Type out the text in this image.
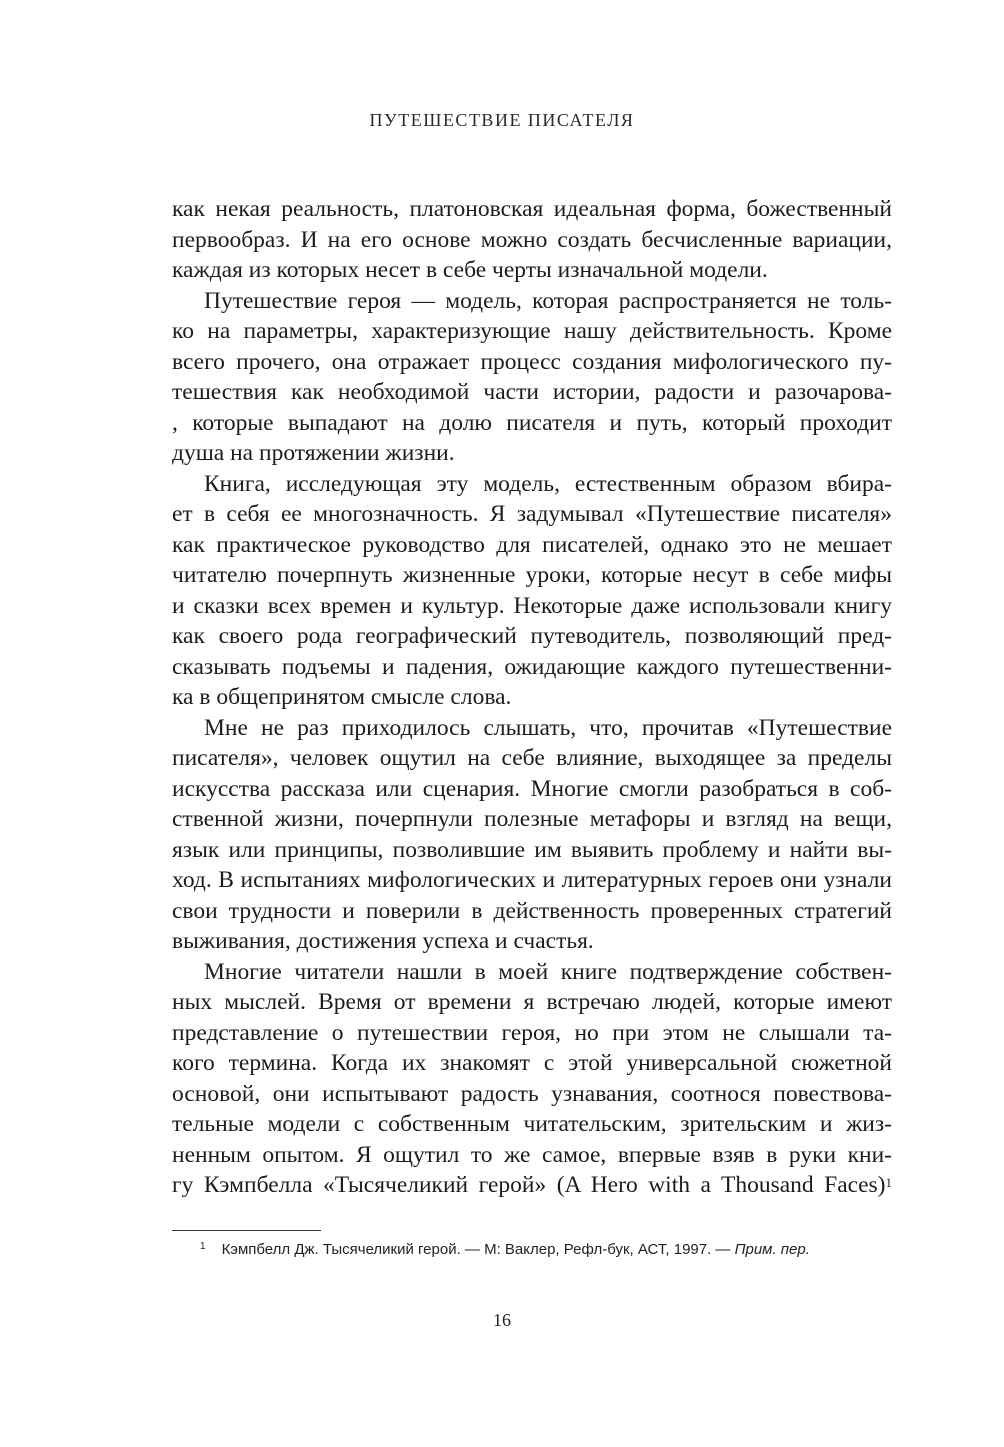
ПУТЕШЕСТВИЕ ПИСАТЕЛЯ
как некая реальность, платоновская идеальная форма, божественный
первообраз. И на его основе можно создать бесчисленные вариации,
каждая из которых несет в себе черты изначальной модели.
Путешествие героя — модель, которая распространяется не толь-
ко на параметры, характеризующие нашу действительность. Кроме
всего прочего, она отражает процесс создания мифологического пу-
тешествия как необходимой части истории, радости и разочарова-
, которые выпадают на долю писателя и путь, который проходит
душа на протяжении жизни.
Книга, исследующая эту модель, естественным образом вбира-
ет в себя ее многозначность. Я задумывал «Путешествие писателя»
как практическое руководство для писателей, однако это не мешает
читателю почерпнуть жизненные уроки, которые несут в себе мифы
и сказки всех времен и культур. Некоторые даже использовали книгу
как своего рода географический путеводитель, позволяющий пред-
сказывать подъемы и падения, ожидающие каждого путешественни-
ка в общепринятом смысле слова.
Мне не раз приходилось слышать, что, прочитав «Путешествие
писателя», человек ощутил на себе влияние, выходящее за пределы
искусства рассказа или сценария. Многие смогли разобраться в соб-
ственной жизни, почерпнули полезные метафоры и взгляд на вещи,
язык или принципы, позволившие им выявить проблему и найти вы-
ход. В испытаниях мифологических и литературных героев они узнали
свои трудности и поверили в действенность проверенных стратегий
выживания, достижения успеха и счастья.
Многие читатели нашли в моей книге подтверждение собствен-
ных мыслей. Время от времени я встречаю людей, которые имеют
представление о путешествии героя, но при этом не слышали та-
кого термина. Когда их знакомят с этой универсальной сюжетной
основой, они испытывают радость узнавания, соотнося повествова-
тельные модели с собственным читательским, зрительским и жиз-
ненным опытом. Я ощутил то же самое, впервые взяв в руки кни-
гу Кэмпбелла «Тысячеликий герой» (A Hero with a Thousand Faces)$^1$
$^1$ Кэмпбелл Дж. Тысячеликий герой. — М: Ваклер, Рефл-бук, АСТ, 1997. — Прим. пер.
16
